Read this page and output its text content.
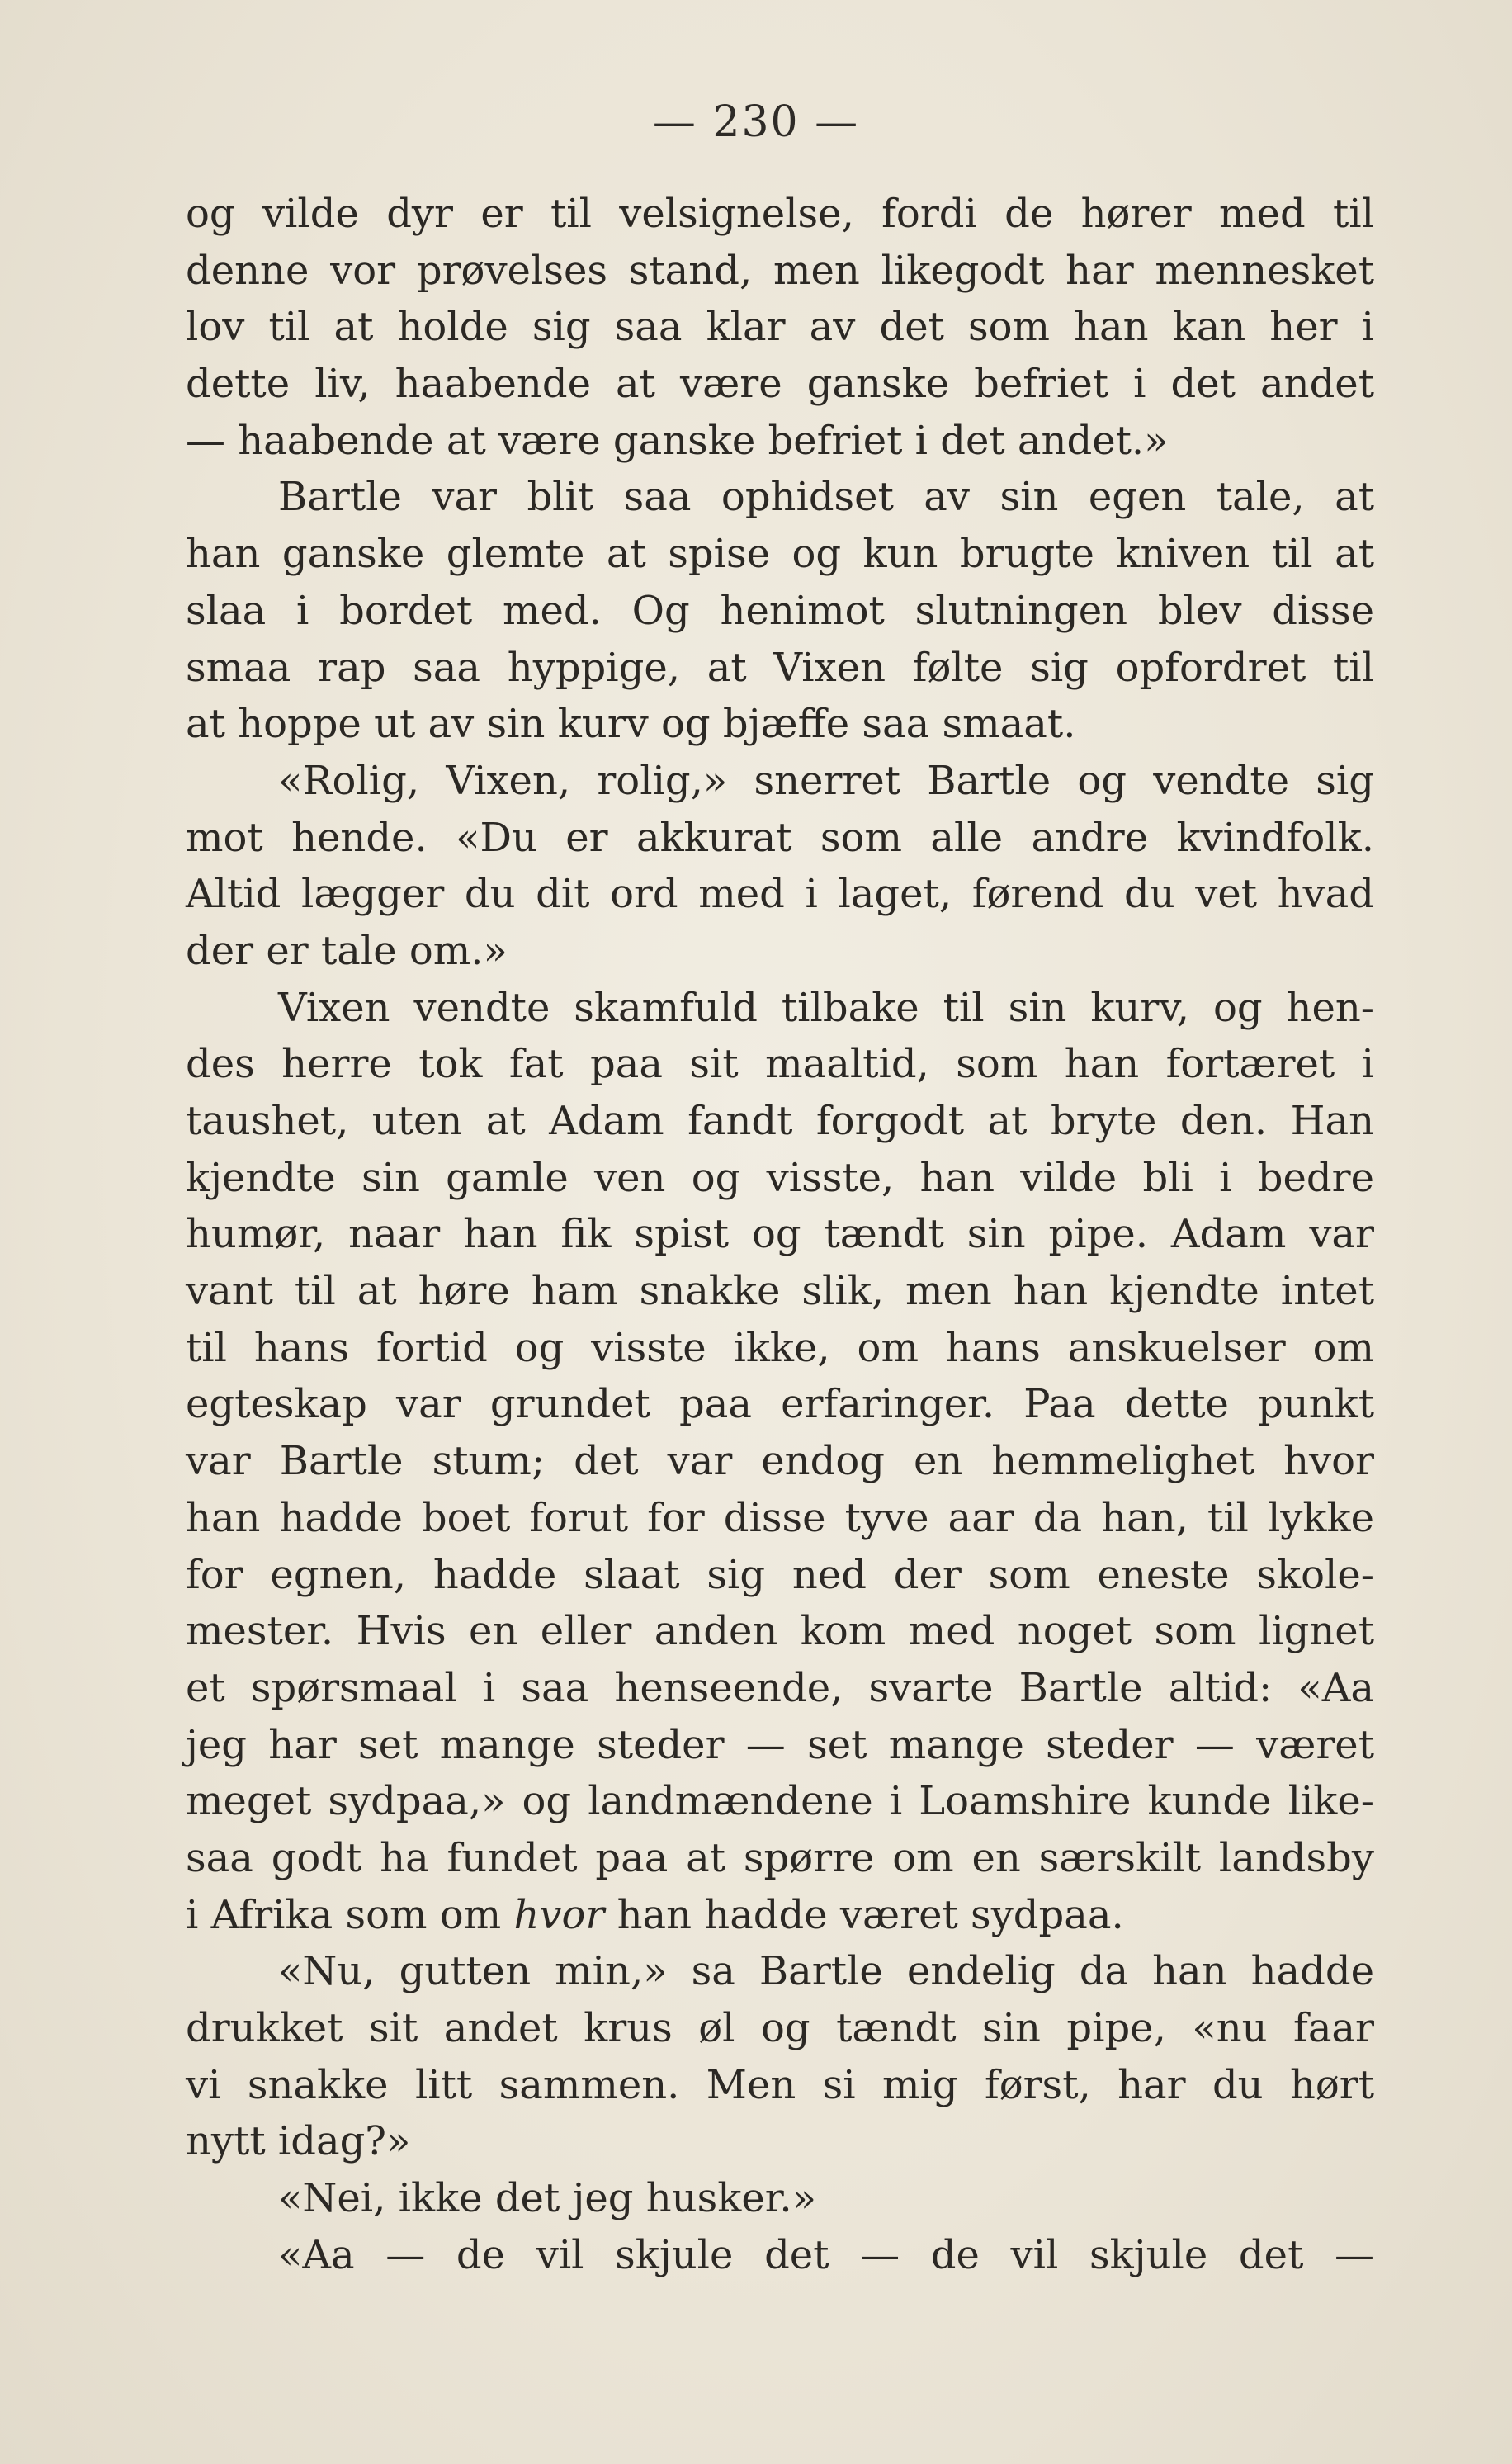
— 230 —
og vilde dyr er til velsignelse, fordi de hører med til
denne vor prøvelses stand, men likegodt har mennesket
lov til at holde sig saa klar av det som han kan her i
dette liv, haabende at være ganske befriet i det andet
— haabende at være ganske befriet i det andet.»
Bartle var blit saa ophidset av sin egen tale, at
han ganske glemte at spise og kun brugte kniven til at
slaa i bordet med. Og henimot slutningen blev disse
smaa rap saa hyppige, at Vixen følte sig opfordret til
at hoppe ut av sin kurv og bjæffe saa smaat.
«Rolig, Vixen, rolig,» snerret Bartle og vendte sig
mot hende. «Du er akkurat som alle andre kvindfolk.
Altid lægger du dit ord med i laget, førend du vet hvad
der er tale om.»
Vixen vendte skamfuld tilbake til sin kurv, og hen-
des herre tok fat paa sit maaltid, som han fortæret i
taushet, uten at Adam fandt forgodt at bryte den. Han
kjendte sin gamle ven og visste, han vilde bli i bedre
humør, naar han fik spist og tændt sin pipe. Adam var
vant til at høre ham snakke slik, men han kjendte intet
til hans fortid og visste ikke, om hans anskuelser om
egteskap var grundet paa erfaringer. Paa dette punkt
var Bartle stum; det var endog en hemmelighet hvor
han hadde boet forut for disse tyve aar da han, til lykke
for egnen, hadde slaat sig ned der som eneste skole-
mester. Hvis en eller anden kom med noget som lignet
et spørsmaal i saa henseende, svarte Bartle altid: «Aa
jeg har set mange steder — set mange steder — været
meget sydpaa,» og landmændene i Loamshire kunde like-
saa godt ha fundet paa at spørre om en særskilt landsby
i Afrika som om hvor han hadde været sydpaa.
«Nu, gutten min,» sa Bartle endelig da han hadde
drukket sit andet krus øl og tændt sin pipe, «nu faar
vi snakke litt sammen. Men si mig først, har du hørt
nytt idag?»
«Nei, ikke det jeg husker.»
«Aa — de vil skjule det — de vil skjule det —
